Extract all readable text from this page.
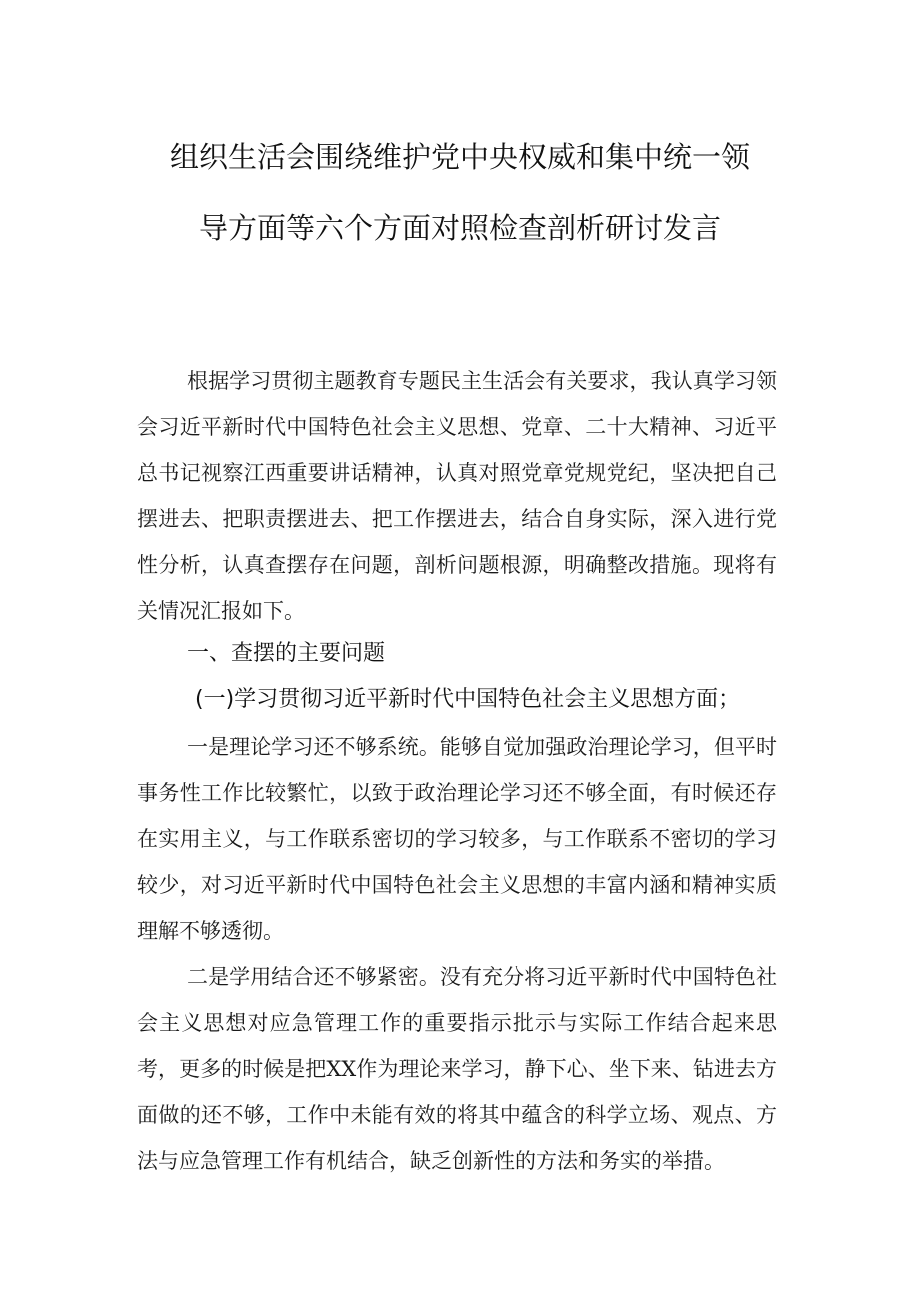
组织生活会围绕维护党中央权威和集中统一领
导方面等六个方面对照检查剖析研讨发言

根据学习贯彻主题教育专题民主生活会有关要求，我认真学习领会习近平新时代中国特色社会主义思想、党章、二十大精神、习近平总书记视察江西重要讲话精神，认真对照党章党规党纪，坚决把自己摆进去、把职责摆进去、把工作摆进去，结合自身实际，深入进行党性分析，认真查摆存在问题，剖析问题根源，明确整改措施。现将有关情况汇报如下。

一、查摆的主要问题
(一)学习贯彻习近平新时代中国特色社会主义思想方面；

一是理论学习还不够系统。能够自觉加强政治理论学习，但平时事务性工作比较繁忙，以致于政治理论学习还不够全面，有时候还存在实用主义，与工作联系密切的学习较多，与工作联系不密切的学习较少，对习近平新时代中国特色社会主义思想的丰富内涵和精神实质理解不够透彻。

二是学用结合还不够紧密。没有充分将习近平新时代中国特色社会主义思想对应急管理工作的重要指示批示与实际工作结合起来思考，更多的时候是把XX作为理论来学习，静下心、坐下来、钻进去方面做的还不够，工作中未能有效的将其中蕴含的科学立场、观点、方法与应急管理工作有机结合，缺乏创新性的方法和务实的举措。
